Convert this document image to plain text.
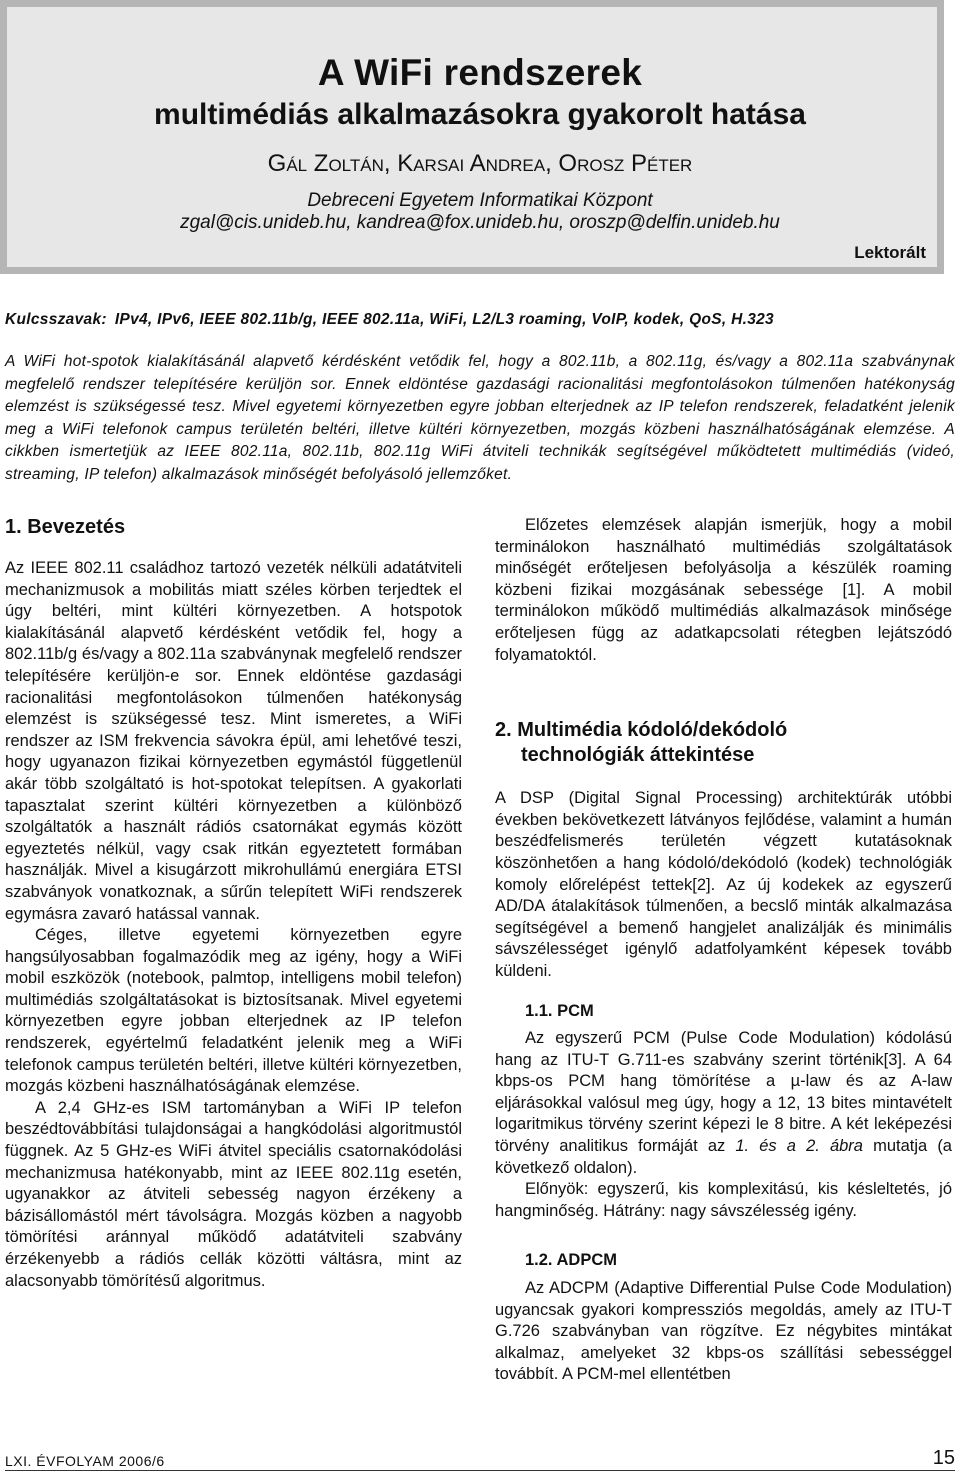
A WiFi rendszerek
multimédiás alkalmazásokra gyakorolt hatása
Gál Zoltán, Karsai Andrea, Orosz Péter
Debreceni Egyetem Informatikai Központ
zgal@cis.unideb.hu, kandrea@fox.unideb.hu, oroszp@delfin.unideb.hu
Lektorált
Kulcsszavak: IPv4, IPv6, IEEE 802.11b/g, IEEE 802.11a, WiFi, L2/L3 roaming, VoIP, kodek, QoS, H.323
A WiFi hot-spotok kialakításánál alapvető kérdésként vetődik fel, hogy a 802.11b, a 802.11g, és/vagy a 802.11a szabványnak megfelelő rendszer telepítésére kerüljön sor. Ennek eldöntése gazdasági racionalitási megfontolásokon túlmenően hatékonyság elemzést is szükségessé tesz. Mivel egyetemi környezetben egyre jobban elterjednek az IP telefon rendszerek, feladatként jelenik meg a WiFi telefonok campus területén beltéri, illetve kültéri környezetben, mozgás közbeni használhatóságának elemzése. A cikkben ismertetjük az IEEE 802.11a, 802.11b, 802.11g WiFi átviteli technikák segítségével működtetett multimédiás (videó, streaming, IP telefon) alkalmazások minőségét befolyásoló jellemzőket.
1. Bevezetés

Az IEEE 802.11 családhoz tartozó vezeték nélküli adatátviteli mechanizmusok a mobilitás miatt széles körben terjedtek el úgy beltéri, mint kültéri környezetben. A hotspotok kialakításánál alapvető kérdésként vetődik fel, hogy a 802.11b/g és/vagy a 802.11a szabványnak megfelelő rendszer telepítésére kerüljön-e sor. Ennek eldöntése gazdasági racionalitási megfontolásokon túlmenően hatékonyság elemzést is szükségessé tesz. Mint ismeretes, a WiFi rendszer az ISM frekvencia sávokra épül, ami lehetővé teszi, hogy ugyanazon fizikai környezetben egymástól függetlenül akár több szolgáltató is hot-spotokat telepítsen. A gyakorlati tapasztalat szerint kültéri környezetben a különböző szolgáltatók a használt rádiós csatornákat egymás között egyeztetés nélkül, vagy csak ritkán egyeztetett formában használják. Mivel a kisugárzott mikrohullámú energiára ETSI szabványok vonatkoznak, a sűrűn telepített WiFi rendszerek egymásra zavaró hatással vannak.

Céges, illetve egyetemi környezetben egyre hangsúlyosabban fogalmazódik meg az igény, hogy a WiFi mobil eszközök (notebook, palmtop, intelligens mobil telefon) multimédiás szolgáltatásokat is biztosítsanak. Mivel egyetemi környezetben egyre jobban elterjednek az IP telefon rendszerek, egyértelmű feladatként jelenik meg a WiFi telefonok campus területén beltéri, illetve kültéri környezetben, mozgás közbeni használhatóságának elemzése.

A 2,4 GHz-es ISM tartományban a WiFi IP telefon beszédtovábbítási tulajdonságai a hangkódolási algoritmustól függnek. Az 5 GHz-es WiFi átvitel speciális csatornakódolási mechanizmusa hatékonyabb, mint az IEEE 802.11g esetén, ugyanakkor az átviteli sebesség nagyon érzékeny a bázisállomástól mért távolságra. Mozgás közben a nagyobb tömörítési aránnyal működő adatátviteli szabvány érzékenyebb a rádiós cellák közötti váltásra, mint az alacsonyabb tömörítésű algoritmus.

Előzetes elemzések alapján ismerjük, hogy a mobil terminálokon használható multimédiás szolgáltatások minőségét erőteljesen befolyásolja a készülék roaming közbeni fizikai mozgásának sebessége [1]. A mobil terminálokon működő multimédiás alkalmazások minősége erőteljesen függ az adatkapcsolati rétegben lejátszódó folyamatoktól.

2. Multimédia kódoló/dekódoló
technológiák áttekintése

A DSP (Digital Signal Processing) architektúrák utóbbi években bekövetkezett látványos fejlődése, valamint a humán beszédfelismerés területén végzett kutatásoknak köszönhetően a hang kódoló/dekódoló (kodek) technológiák komoly előrelépést tettek[2]. Az új kodekek az egyszerű AD/DA átalakítások túlmenően, a becslő minták alkalmazása segítségével a bemenő hangjelet analizálják és minimális sávszélességet igénylő adatfolyamként képesek tovább küldeni.

1.1. PCM

Az egyszerű PCM (Pulse Code Modulation) kódolású hang az ITU-T G.711-es szabvány szerint történik[3]. A 64 kbps-os PCM hang tömörítése a µ-law és az A-law eljárásokkal valósul meg úgy, hogy a 12, 13 bites mintavételt logaritmikus törvény szerint képezi le 8 bitre. A két leképezési törvény analitikus formáját az 1. és a 2. ábra mutatja (a következő oldalon).

Előnyök: egyszerű, kis komplexitású, kis késleltetés, jó hangminőség. Hátrány: nagy sávszélesség igény.

1.2. ADPCM

Az ADCPM (Adaptive Differential Pulse Code Modulation) ugyancsak gyakori kompressziós megoldás, amely az ITU-T G.726 szabványban van rögzítve. Ez négybites mintákat alkalmaz, amelyeket 32 kbps-os szállítási sebességgel továbbít. A PCM-mel ellentétben

LXI. ÉVFOLYAM 2006/6	15
